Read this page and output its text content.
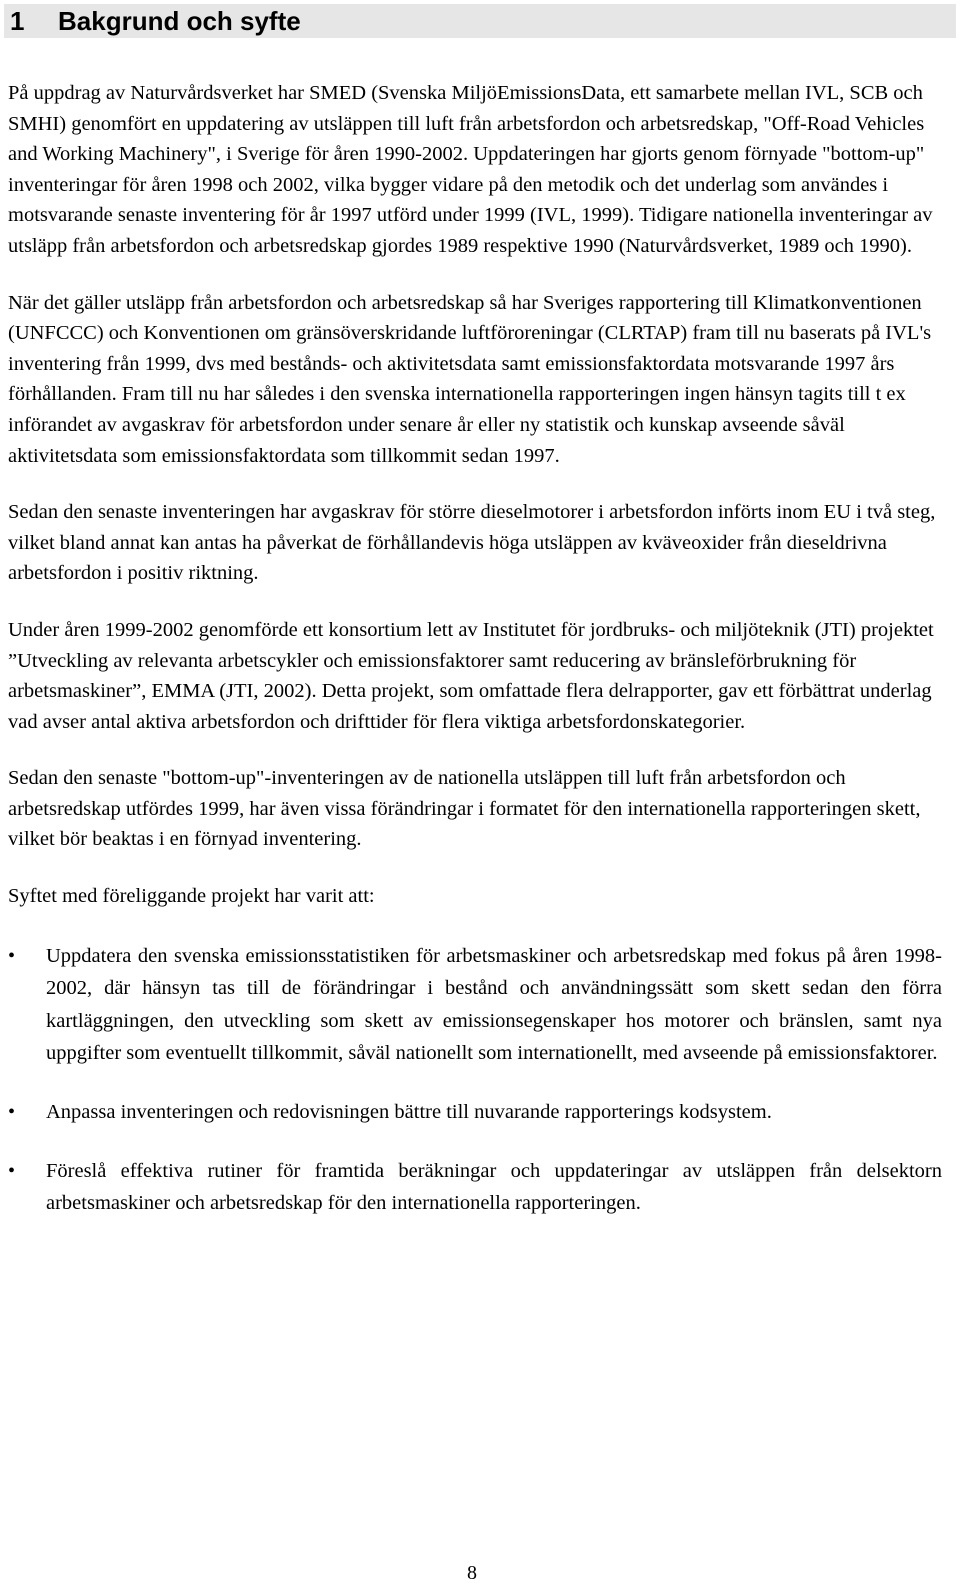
1	Bakgrund och syfte

På uppdrag av Naturvårdsverket har SMED (Svenska MiljöEmissionsData, ett samarbete mellan IVL, SCB och SMHI) genomfört en uppdatering av utsläppen till luft från arbetsfordon och arbetsredskap, "Off-Road Vehicles and Working Machinery", i Sverige för åren 1990-2002. Uppdateringen har gjorts genom förnyade "bottom-up" inventeringar för åren 1998 och 2002, vilka bygger vidare på den metodik och det underlag som användes i motsvarande senaste inventering för år 1997 utförd under 1999 (IVL, 1999). Tidigare nationella inventeringar av utsläpp från arbetsfordon och arbetsredskap gjordes 1989 respektive 1990 (Naturvårdsverket, 1989 och 1990).

När det gäller utsläpp från arbetsfordon och arbetsredskap så har Sveriges rapportering till Klimatkonventionen (UNFCCC) och Konventionen om gränsöverskridande luftföroreningar (CLRTAP) fram till nu baserats på IVL's inventering från 1999, dvs med bestånds- och aktivitetsdata samt emissionsfaktordata motsvarande 1997 års förhållanden. Fram till nu har således i den svenska internationella rapporteringen ingen hänsyn tagits till t ex införandet av avgaskrav för arbetsfordon under senare år eller ny statistik och kunskap avseende såväl aktivitetsdata som emissionsfaktordata som tillkommit sedan 1997.

Sedan den senaste inventeringen har avgaskrav för större dieselmotorer i arbetsfordon införts inom EU i två steg, vilket bland annat kan antas ha påverkat de förhållandevis höga utsläppen av kväveoxider från dieseldrivna arbetsfordon i positiv riktning.

Under åren 1999-2002 genomförde ett konsortium lett av Institutet för jordbruks- och miljöteknik (JTI) projektet ”Utveckling av relevanta arbetscykler och emissionsfaktorer samt reducering av bränsleförbrukning för arbetsmaskiner”, EMMA (JTI, 2002). Detta projekt, som omfattade flera delrapporter, gav ett förbättrat underlag vad avser antal aktiva arbetsfordon och drifttider för flera viktiga arbetsfordonskategorier.

Sedan den senaste "bottom-up"-inventeringen av de nationella utsläppen till luft från arbetsfordon och arbetsredskap utfördes 1999, har även vissa förändringar i formatet för den internationella rapporteringen skett, vilket bör beaktas i en förnyad inventering.

Syftet med föreliggande projekt har varit att:

• Uppdatera den svenska emissionsstatistiken för arbetsmaskiner och arbetsredskap med fokus på åren 1998-2002, där hänsyn tas till de förändringar i bestånd och användningssätt som skett sedan den förra kartläggningen, den utveckling som skett av emissionsegenskaper hos motorer och bränslen, samt nya uppgifter som eventuellt tillkommit, såväl nationellt som internationellt, med avseende på emissionsfaktorer.
• Anpassa inventeringen och redovisningen bättre till nuvarande rapporterings kodsystem.
• Föreslå effektiva rutiner för framtida beräkningar och uppdateringar av utsläppen från delsektorn arbetsmaskiner och arbetsredskap för den internationella rapporteringen.
8
